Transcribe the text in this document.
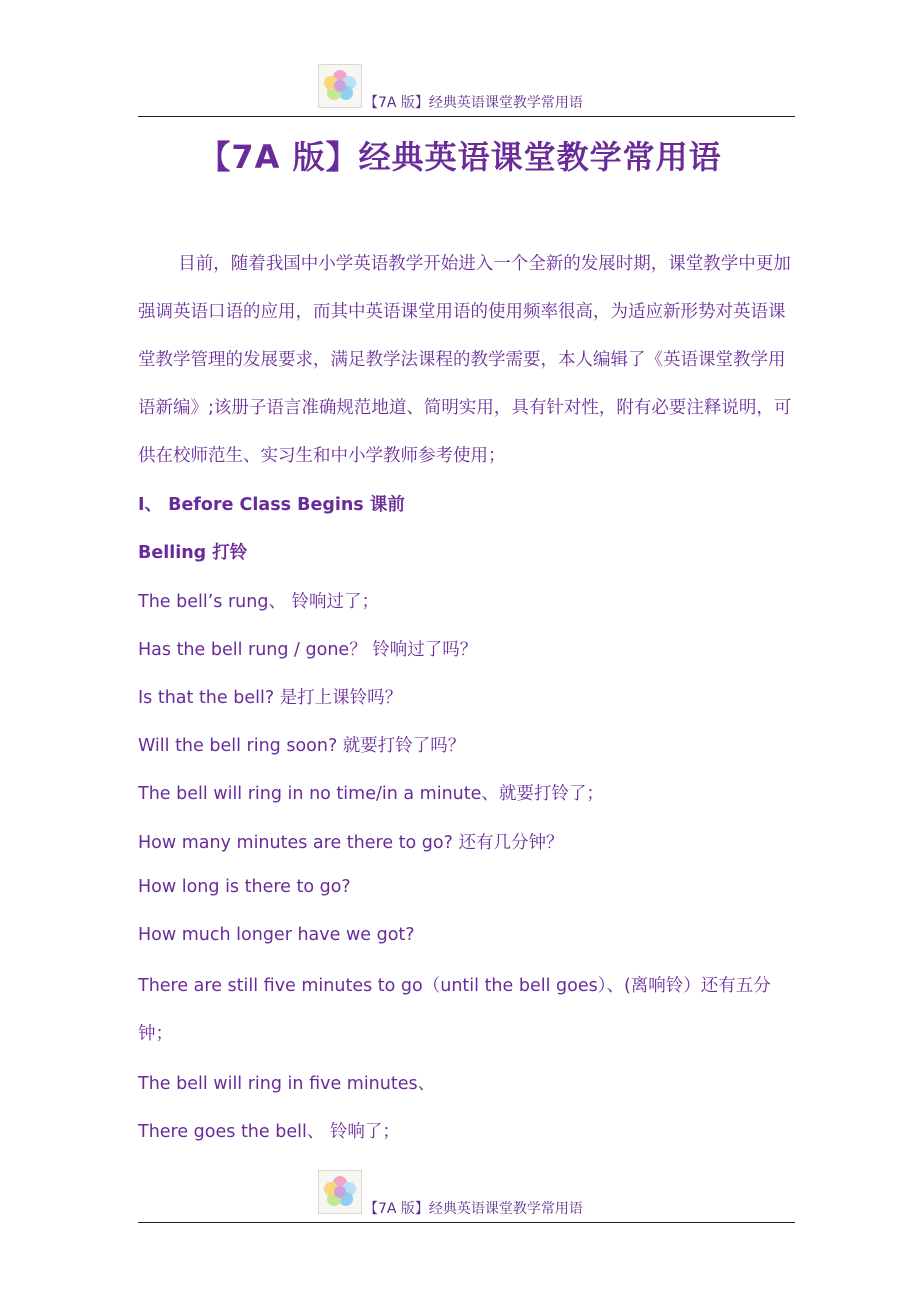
【7A 版】经典英语课堂教学常用语
【7A 版】经典英语课堂教学常用语
目前，随着我国中小学英语教学开始进入一个全新的发展时期，课堂教学中更加强调英语口语的应用，而其中英语课堂用语的使用频率很高，为适应新形势对英语课堂教学管理的发展要求，满足教学法课程的教学需要，本人编辑了《英语课堂教学用语新编》;该册子语言准确规范地道、简明实用，具有针对性，附有必要注释说明，可供在校师范生、实习生和中小学教师参考使用；
I、 Before Class Begins 课前
Belling 打铃
The bell’s rung、 铃响过了；
Has the bell rung / gone？ 铃响过了吗？
Is that the bell? 是打上课铃吗？
Will the bell ring soon? 就要打铃了吗？
The bell will ring in no time/in a minute、就要打铃了；
How many minutes are there to go? 还有几分钟？
How long is there to go?
How much longer have we got?
There are still five minutes to go（until the bell goes）、(离响铃）还有五分钟；
The bell will ring in five minutes、
There goes the bell、 铃响了；
【7A 版】经典英语课堂教学常用语
